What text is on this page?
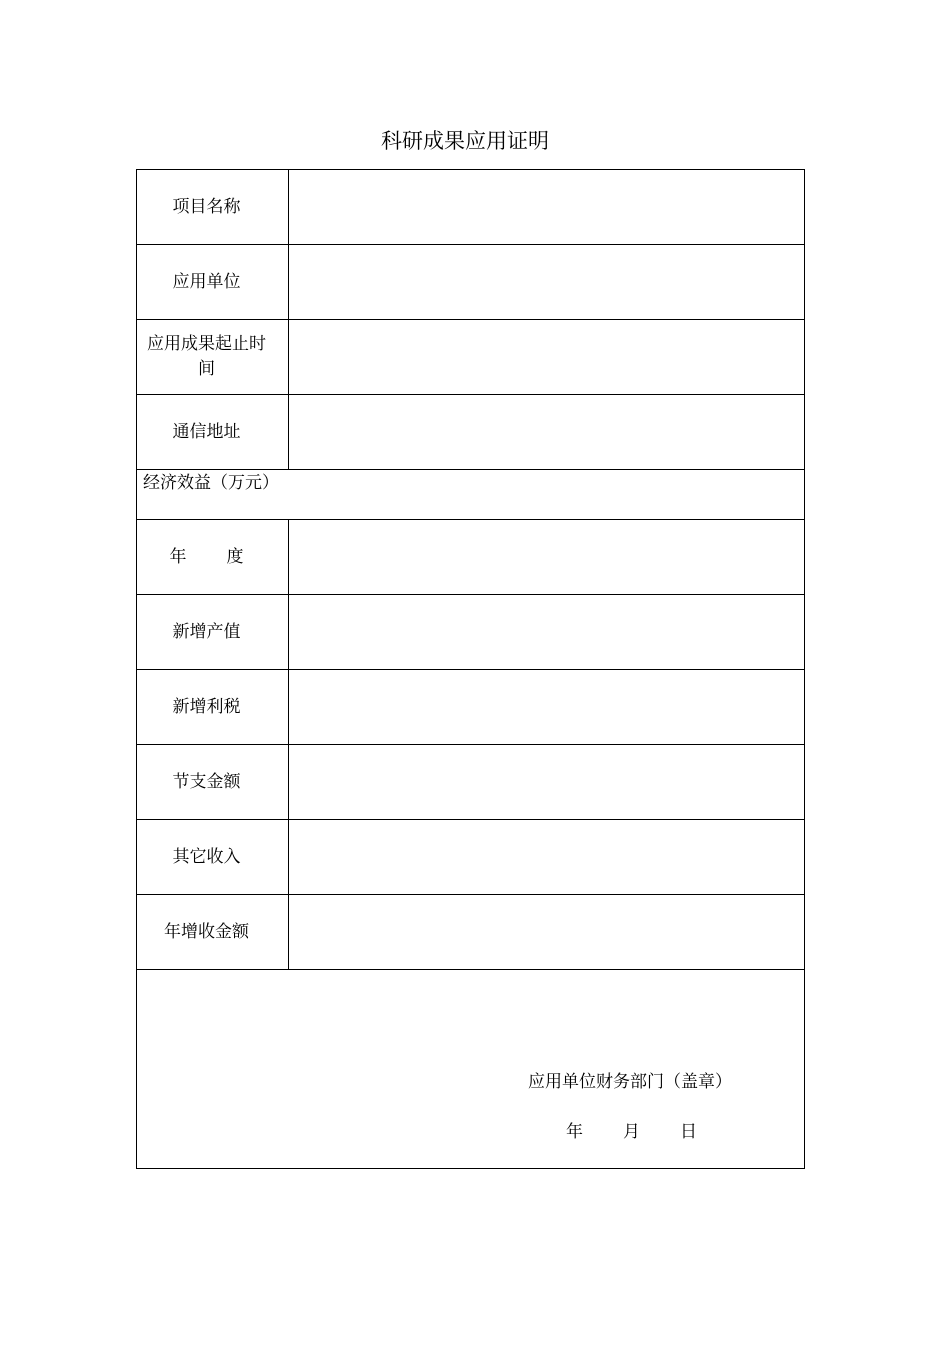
科研成果应用证明
项目名称	

应用单位	

应用成果起止时
间	

通信地址	

经济效益（万元）	

年 度	

新增产值	

新增利税	

节支金额	

其它收入	

年增收金额	

应用单位财务部门（盖章）
年 月 日	
